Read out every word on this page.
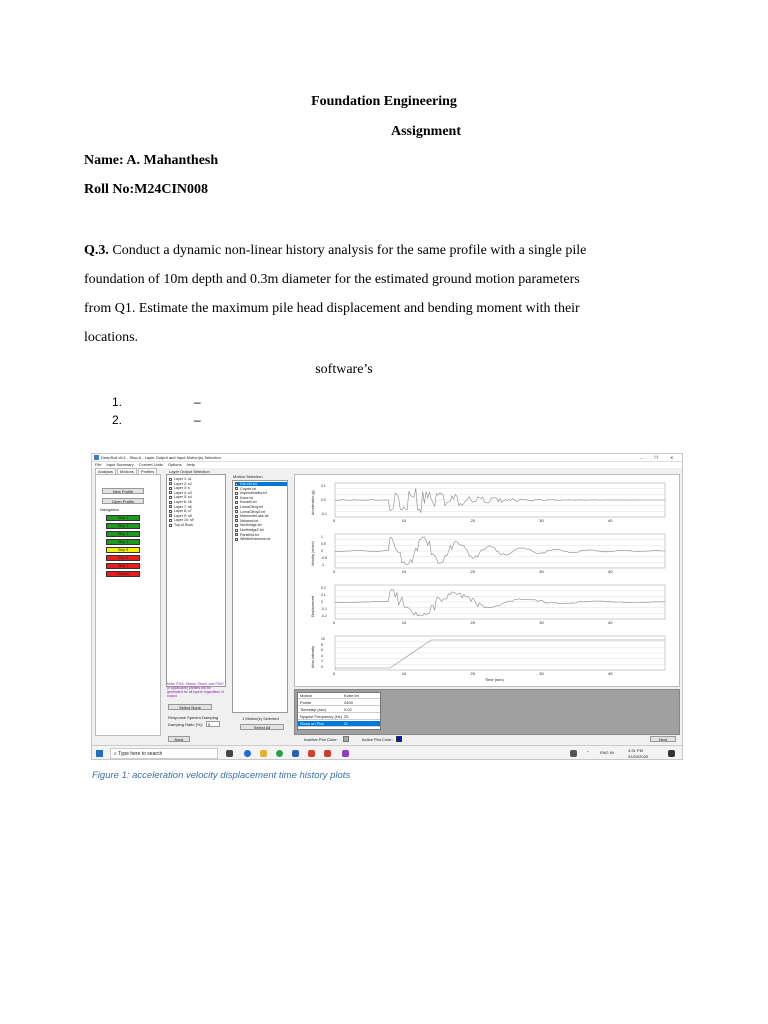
Foundation Engineering
Assignment
Name: A. Mahanthesh
Roll No:M24CIN008
Q.3. Conduct a dynamic non-linear history analysis for the same profile with a single pile
foundation of 10m depth and 0.3m diameter for the estimated ground motion parameters
from Q1. Estimate the maximum pile head displacement and bending moment with their
locations.
software’s
1.	–
2.	–
DeepSoil v6.1 - Step 6 - Layer Output and Input Motion(s) Selection	–	❐	✕
File Input Summary Convert Units Options Help
Analysis Motions Profiles
New Profile
Open Profile
Navigation
Step 1
Step 2
Step 3
Step 4
Step 5
Step 6
Step 7
Results
Layer Output Selection
Layer 1: s1
Layer 2: s2
Layer 3: s
Layer 4: s3
Layer 5: s4
Layer 6: s5
Layer 7: s6
Layer 8: s7
Layer 9: s8
Layer 10: s9
Top of Rock
Note: PGA, Stress, Strain, and PSA* (if applicable) profiles will be generated for all layers regardless of output
Select None
Response Spectra Damping
Damping Ratio (%):	5
Motion Selection
Chi-Chi.txt
Coyote.txt
ImperialValley.txt
Kobe.txt
Kocaeli.txt
LomaGilroy.txt
LomaGilroy2.txt
MammothLake.txt
Nahanni.txt
Northridge.txt
Northridge2.txt
Parkfield.txt
WhittierNarrows.txt
1 Motion(s) Selected
Select All
0	10	20	30	40
0.1
0.0
-0.1
Acceleration (g)
0	10	20	30	40
1
0.5
0
-0.5
-1
Velocity (m/sec)
0	10	20	30	40
0.2
0.1
0
-0.1
-0.2
Displacement
0	10	20	30	40
10
8
6
4
2
0
Arias Intensity
Time (sec)
Motion	Kobe.txt
Points	2400
Timestep (sec)	0.02
Nyquist Frequency (Hz) 25
Show on Plot	☑
Back	Inactive Plot Color:	Active Plot Color:	Next
⌕ Type here to search	⌃	ENG IN	4:31 PM
31/03/2025
Figure 1: acceleration velocity displacement time history plots
